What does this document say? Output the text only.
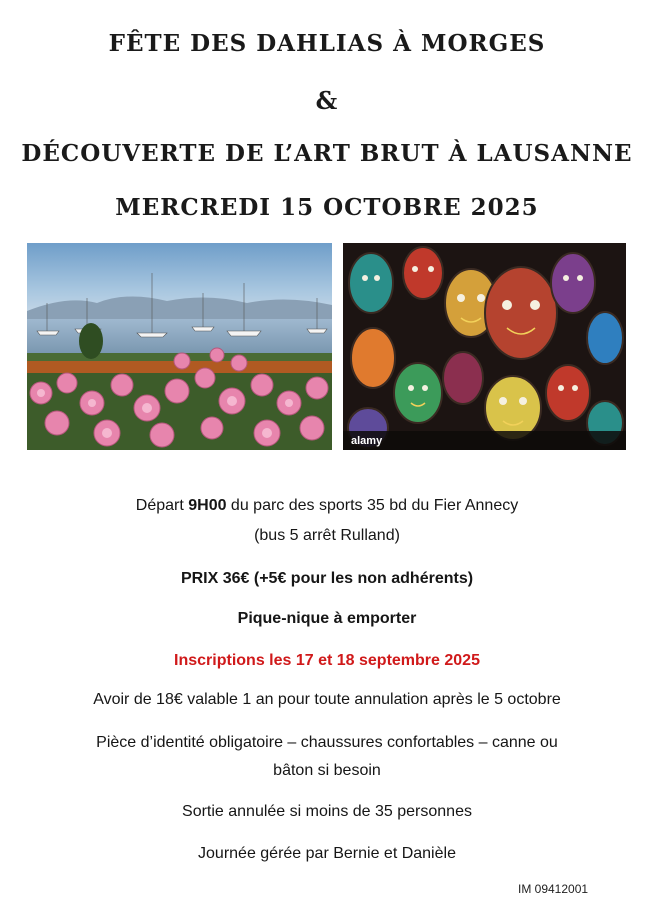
FÊTE DES DAHLIAS À MORGES
&
DÉCOUVERTE DE L’ART BRUT À LAUSANNE
MERCREDI 15 OCTOBRE 2025
alamy
Départ 9H00 du parc des sports 35 bd du Fier Annecy
(bus 5 arrêt Rulland)
PRIX 36€ (+5€ pour les non adhérents)
Pique-nique à emporter
Inscriptions les 17 et 18 septembre 2025
Avoir de 18€ valable 1 an pour toute annulation après le 5 octobre
Pièce d’identité obligatoire – chaussures confortables – canne ou
bâton si besoin
Sortie annulée si moins de 35 personnes
Journée gérée par Bernie et Danièle
IM 09412001
